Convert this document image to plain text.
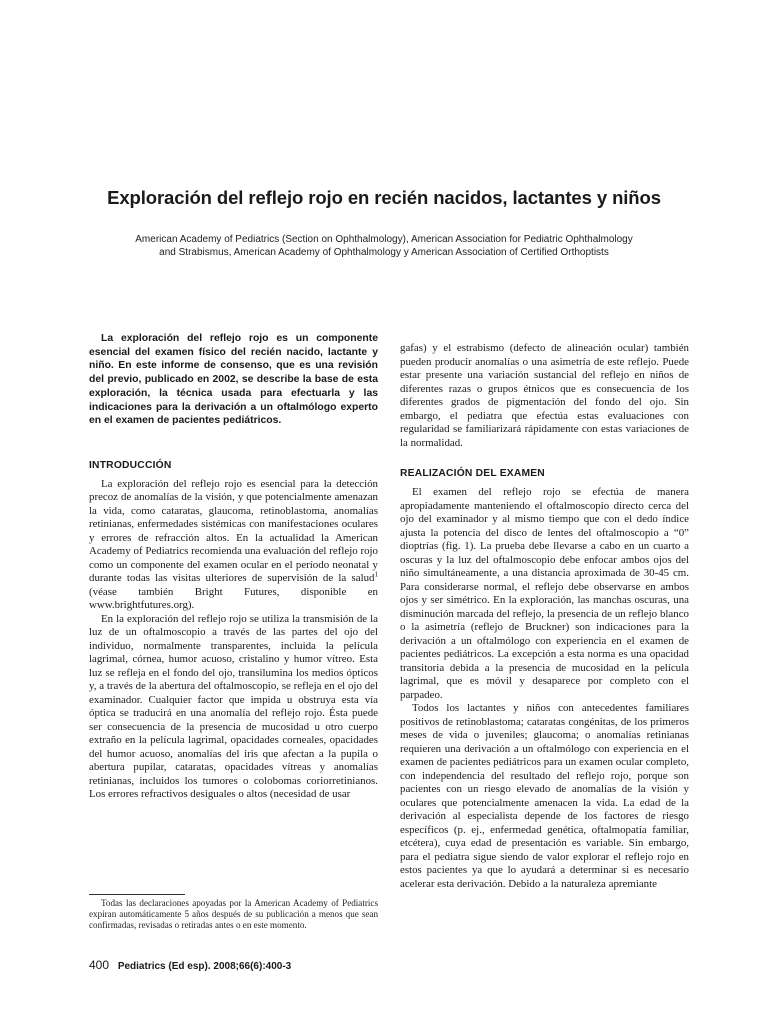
Exploración del reflejo rojo en recién nacidos, lactantes y niños
American Academy of Pediatrics (Section on Ophthalmology), American Association for Pediatric Ophthalmology
and Strabismus, American Academy of Ophthalmology y American Association of Certified Orthoptists

La exploración del reflejo rojo es un componente esencial del examen físico del recién nacido, lactante y niño. En este informe de consenso, que es una revisión del previo, publicado en 2002, se describe la base de esta exploración, la técnica usada para efectuarla y las indicaciones para la derivación a un oftalmólogo experto en el examen de pacientes pediátricos.

INTRODUCCIÓN

La exploración del reflejo rojo es esencial para la detección precoz de anomalías de la visión, y que potencialmente amenazan la vida, como cataratas, glaucoma, retinoblastoma, anomalías retinianas, enfermedades sistémicas con manifestaciones oculares y errores de refracción altos. En la actualidad la American Academy of Pediatrics recomienda una evaluación del reflejo rojo como un componente del examen ocular en el período neonatal y durante todas las visitas ulteriores de supervisión de la salud$^1$ (véase también Bright Futures, disponible en www.brightfutures.org).

En la exploración del reflejo rojo se utiliza la transmisión de la luz de un oftalmoscopio a través de las partes del ojo del individuo, normalmente transparentes, incluida la película lagrimal, córnea, humor acuoso, cristalino y humor vítreo. Esta luz se refleja en el fondo del ojo, transilumina los medios ópticos y, a través de la abertura del oftalmoscopio, se refleja en el ojo del examinador. Cualquier factor que impida u obstruya esta vía óptica se traducirá en una anomalía del reflejo rojo. Ésta puede ser consecuencia de la presencia de mucosidad u otro cuerpo extraño en la película lagrimal, opacidades corneales, opacidades del humor acuoso, anomalías del iris que afectan a la pupila o abertura pupilar, cataratas, opacidades vítreas y anomalías retinianas, incluidos los tumores o colobomas coriorretinianos. Los errores refractivos desiguales o altos (necesidad de usar

gafas) y el estrabismo (defecto de alineación ocular) también pueden producir anomalías o una asimetría de este reflejo. Puede estar presente una variación sustancial del reflejo en niños de diferentes razas o grupos étnicos que es consecuencia de los diferentes grados de pigmentación del fondo del ojo. Sin embargo, el pediatra que efectúa estas evaluaciones con regularidad se familiarizará rápidamente con estas variaciones de la normalidad.

REALIZACIÓN DEL EXAMEN

El examen del reflejo rojo se efectúa de manera apropiadamente manteniendo el oftalmoscopio directo cerca del ojo del examinador y al mismo tiempo que con el dedo índice ajusta la potencia del disco de lentes del oftalmoscopio a “0” dioptrías (fig. 1). La prueba debe llevarse a cabo en un cuarto a oscuras y la luz del oftalmoscopio debe enfocar ambos ojos del niño simultáneamente, a una distancia aproximada de 30-45 cm. Para considerarse normal, el reflejo debe observarse en ambos ojos y ser simétrico. En la exploración, las manchas oscuras, una disminución marcada del reflejo, la presencia de un reflejo blanco o la asimetría (reflejo de Bruckner) son indicaciones para la derivación a un oftalmólogo con experiencia en el examen de pacientes pediátricos. La excepción a esta norma es una opacidad transitoria debida a la presencia de mucosidad en la película lagrimal, que es móvil y desaparece por completo con el parpadeo.

Todos los lactantes y niños con antecedentes familiares positivos de retinoblastoma; cataratas congénitas, de los primeros meses de vida o juveniles; glaucoma; o anomalías retinianas requieren una derivación a un oftalmólogo con experiencia en el examen de pacientes pediátricos para un examen ocular completo, con independencia del resultado del reflejo rojo, porque son pacientes con un riesgo elevado de anomalías de la visión y oculares que potencialmente amenacen la vida. La edad de la derivación al especialista depende de los factores de riesgo específicos (p. ej., enfermedad genética, oftalmopatía familiar, etcétera), cuya edad de presentación es variable. Sin embargo, para el pediatra sigue siendo de valor explorar el reflejo rojo en estos pacientes ya que lo ayudará a determinar si es necesario acelerar esta derivación. Debido a la naturaleza apremiante

Todas las declaraciones apoyadas por la American Academy of Pediatrics expiran automáticamente 5 años después de su publicación a menos que sean confirmadas, revisadas o retiradas antes o en este momento.

400 Pediatrics (Ed esp). 2008;66(6):400-3
